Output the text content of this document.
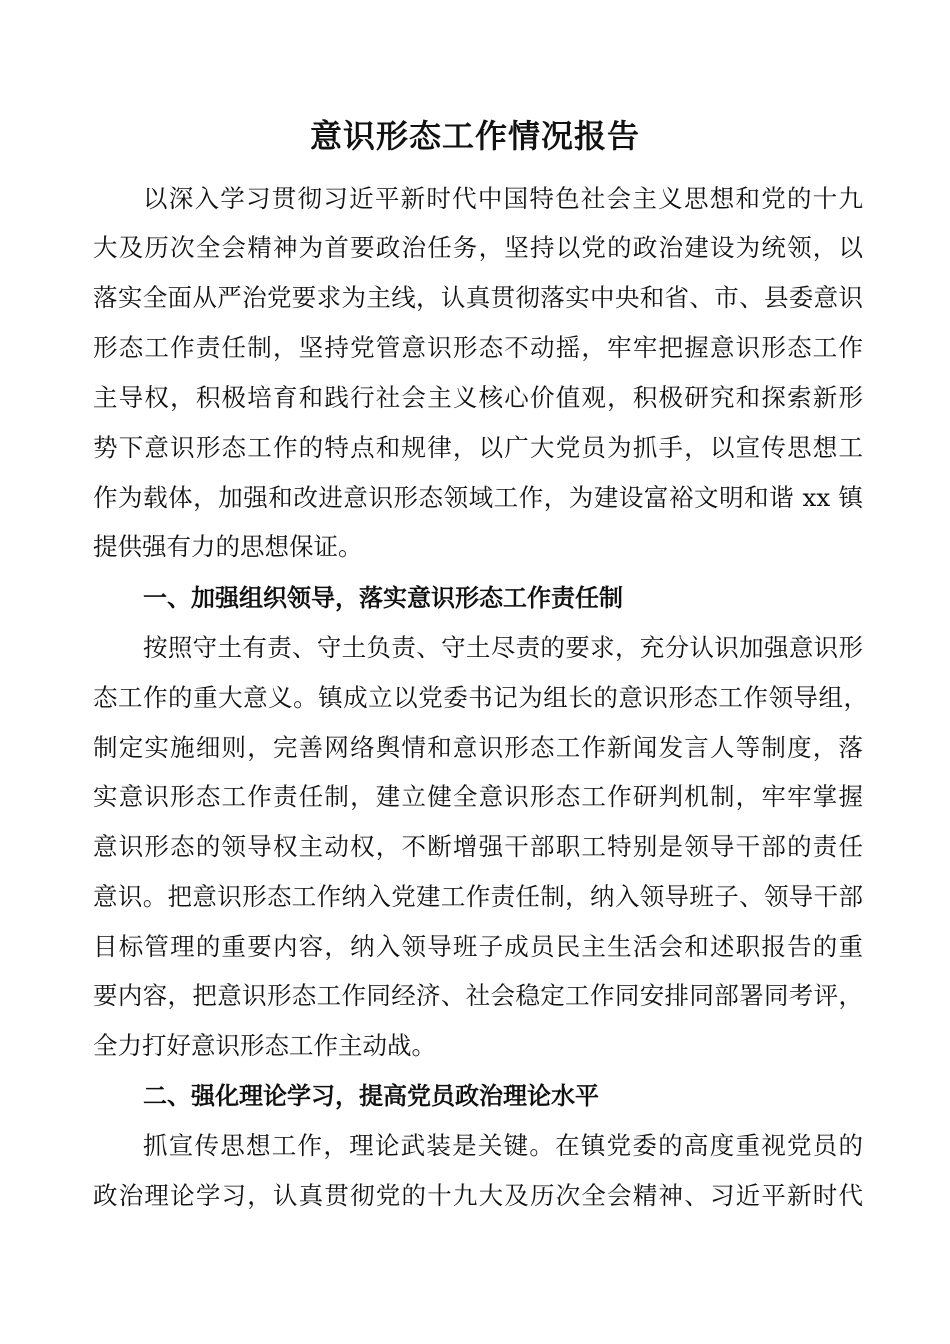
意识形态工作情况报告

以深入学习贯彻习近平新时代中国特色社会主义思想和党的十九

大及历次全会精神为首要政治任务，坚持以党的政治建设为统领，以

落实全面从严治党要求为主线，认真贯彻落实中央和省、市、县委意识

形态工作责任制，坚持党管意识形态不动摇，牢牢把握意识形态工作

主导权，积极培育和践行社会主义核心价值观，积极研究和探索新形

势下意识形态工作的特点和规律，以广大党员为抓手，以宣传思想工

作为载体，加强和改进意识形态领域工作，为建设富裕文明和谐 xx 镇

提供强有力的思想保证。

一、加强组织领导，落实意识形态工作责任制

按照守土有责、守土负责、守土尽责的要求，充分认识加强意识形

态工作的重大意义。镇成立以党委书记为组长的意识形态工作领导组，

制定实施细则，完善网络舆情和意识形态工作新闻发言人等制度，落

实意识形态工作责任制，建立健全意识形态工作研判机制，牢牢掌握

意识形态的领导权主动权，不断增强干部职工特别是领导干部的责任

意识。把意识形态工作纳入党建工作责任制，纳入领导班子、领导干部

目标管理的重要内容，纳入领导班子成员民主生活会和述职报告的重

要内容，把意识形态工作同经济、社会稳定工作同安排同部署同考评，

全力打好意识形态工作主动战。

二、强化理论学习，提高党员政治理论水平

抓宣传思想工作，理论武装是关键。在镇党委的高度重视党员的

政治理论学习，认真贯彻党的十九大及历次全会精神、习近平新时代
